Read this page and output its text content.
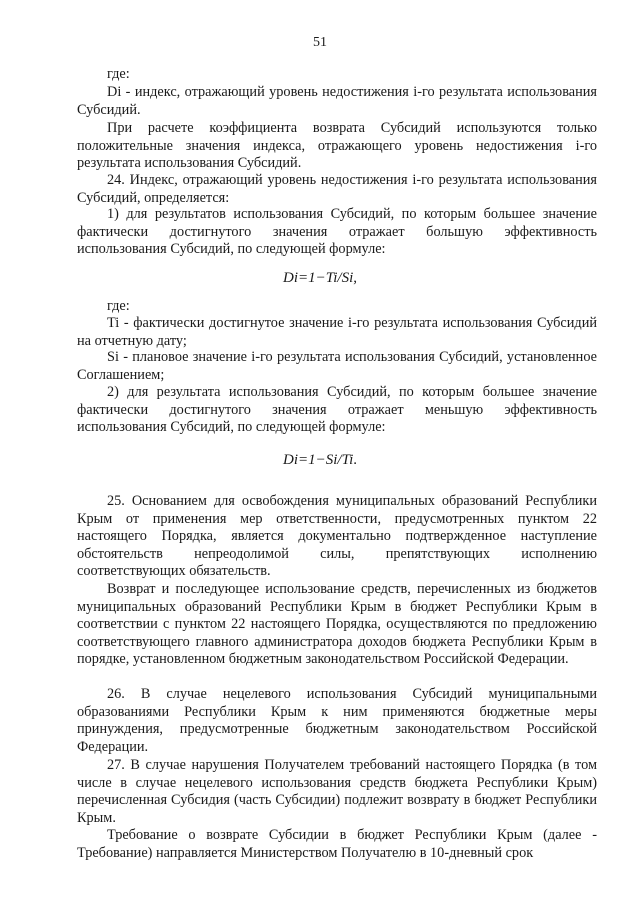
51
где:
Di - индекс, отражающий уровень недостижения i-го результата использования Субсидий.
При расчете коэффициента возврата Субсидий используются только положительные значения индекса, отражающего уровень недостижения i-го результата использования Субсидий.
24. Индекс, отражающий уровень недостижения i-го результата использования Субсидий, определяется:
1) для результатов использования Субсидий, по которым большее значение фактически достигнутого значения отражает большую эффективность использования Субсидий, по следующей формуле:
Di=1−Ti/Si,
где:
Ti - фактически достигнутое значение i-го результата использования Субсидий на отчетную дату;
Si - плановое значение i-го результата использования Субсидий, установленное Соглашением;
2) для результата использования Субсидий, по которым большее значение фактически достигнутого значения отражает меньшую эффективность использования Субсидий, по следующей формуле:
Di=1−Si/Ti.
25. Основанием для освобождения муниципальных образований Республики Крым от применения мер ответственности, предусмотренных пунктом 22 настоящего Порядка, является документально подтвержденное наступление обстоятельств непреодолимой силы, препятствующих исполнению соответствующих обязательств.
Возврат и последующее использование средств, перечисленных из бюджетов муниципальных образований Республики Крым в бюджет Республики Крым в соответствии с пунктом 22 настоящего Порядка, осуществляются по предложению соответствующего главного администратора доходов бюджета Республики Крым в порядке, установленном бюджетным законодательством Российской Федерации.
26. В случае нецелевого использования Субсидий муниципальными образованиями Республики Крым к ним применяются бюджетные меры принуждения, предусмотренные бюджетным законодательством Российской Федерации.
27. В случае нарушения Получателем требований настоящего Порядка (в том числе в случае нецелевого использования средств бюджета Республики Крым) перечисленная Субсидия (часть Субсидии) подлежит возврату в бюджет Республики Крым.
Требование о возврате Субсидии в бюджет Республики Крым (далее - Требование) направляется Министерством Получателю в 10-дневный срок
